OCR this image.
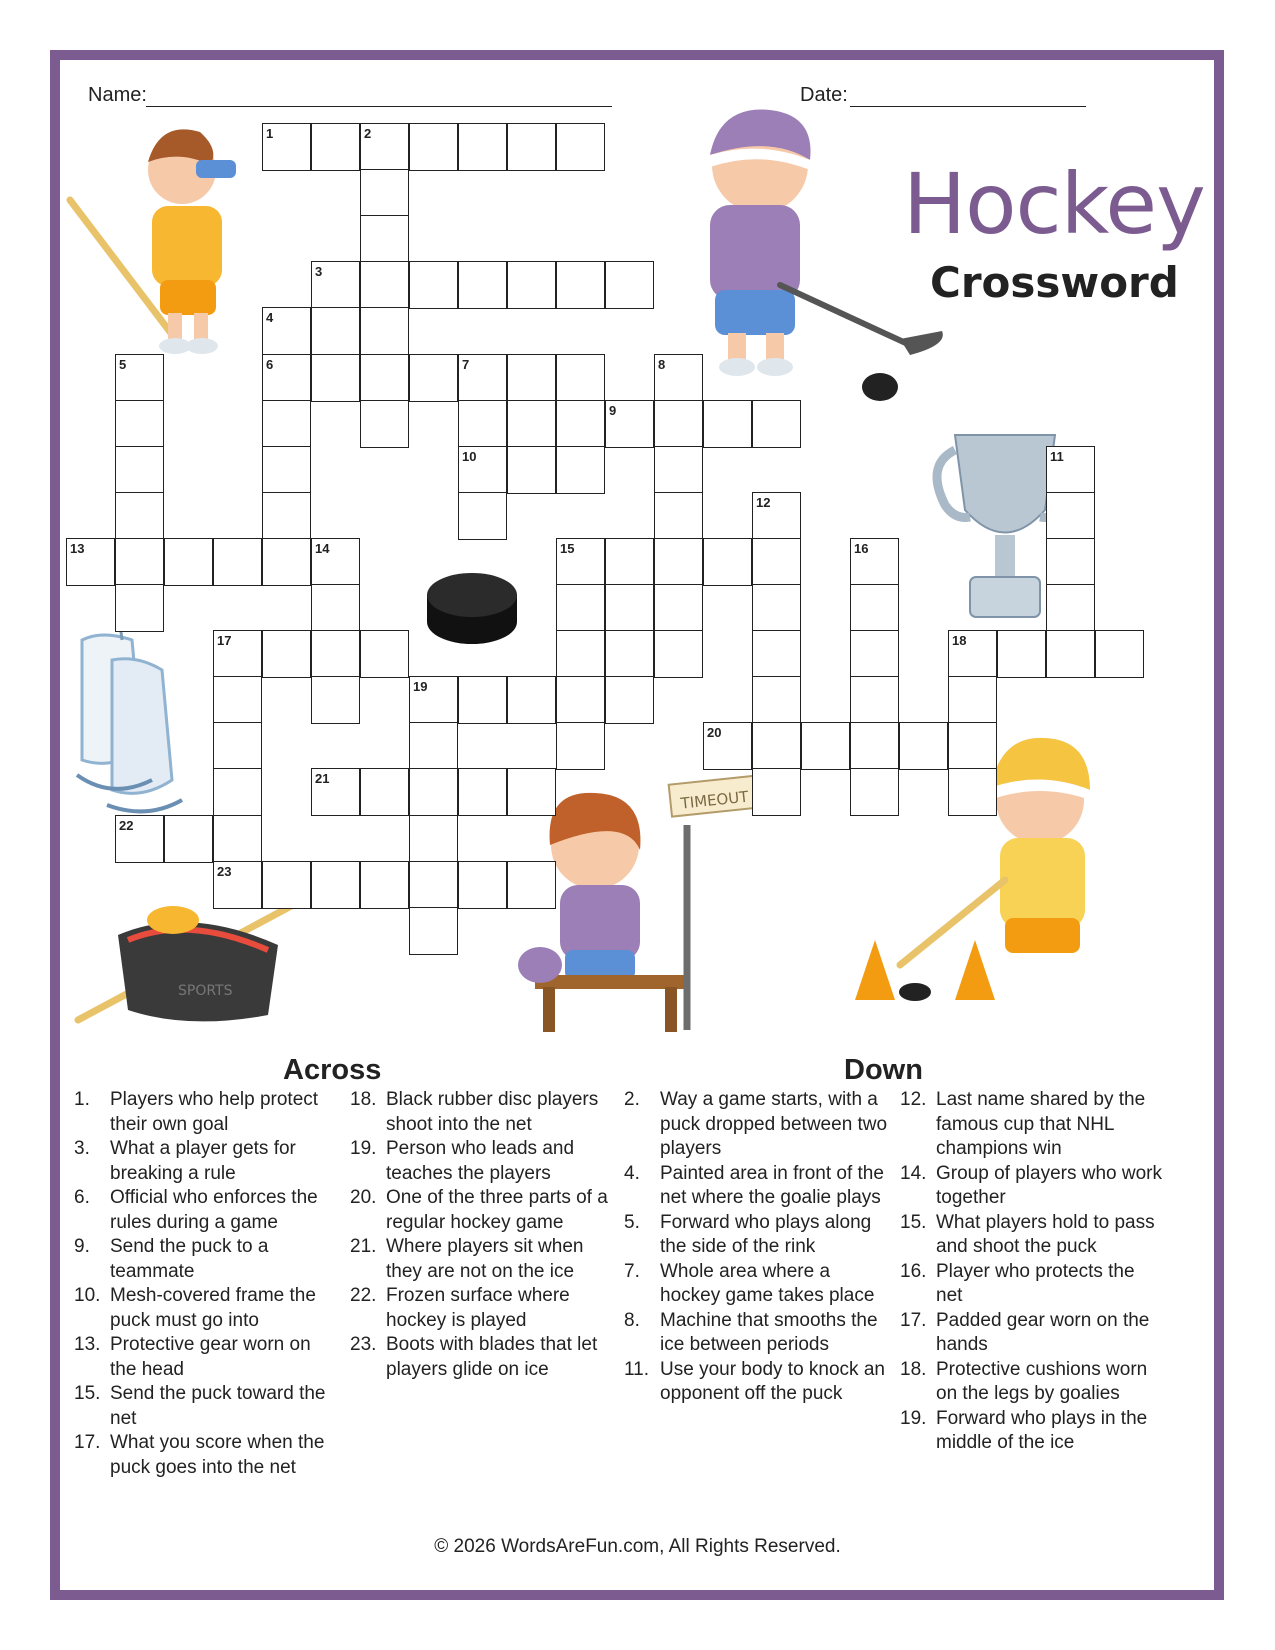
Name:	Date:
Hockey
Crossword
SPORTS
TIMEOUT
1	2
3
4
5	6	7	8
9
10	11
12
13	14	15	16
17	18
19
20
21
22
23
Across	Down
1.	Players who help protect their own goal
3.	What a player gets for breaking a rule
6.	Official who enforces the rules during a game
9.	Send the puck to a teammate
10. Mesh-covered frame the puck must go into
13. Protective gear worn on the head
15. Send the puck toward the net
17. What you score when the puck goes into the net
18. Black rubber disc players shoot into the net
19. Person who leads and teaches the players
20. One of the three parts of a regular hockey game
21. Where players sit when they are not on the ice
22. Frozen surface where hockey is played
23. Boots with blades that let players glide on ice
2.	Way a game starts, with a puck dropped between two players
4.	Painted area in front of the net where the goalie plays
5.	Forward who plays along the side of the rink
7.	Whole area where a hockey game takes place
8.	Machine that smooths the ice between periods
11. Use your body to knock an opponent off the puck
12. Last name shared by the famous cup that NHL champions win
14. Group of players who work together
15. What players hold to pass and shoot the puck
16. Player who protects the net
17. Padded gear worn on the hands
18. Protective cushions worn on the legs by goalies
19. Forward who plays in the middle of the ice
© 2026 WordsAreFun.com, All Rights Reserved.
